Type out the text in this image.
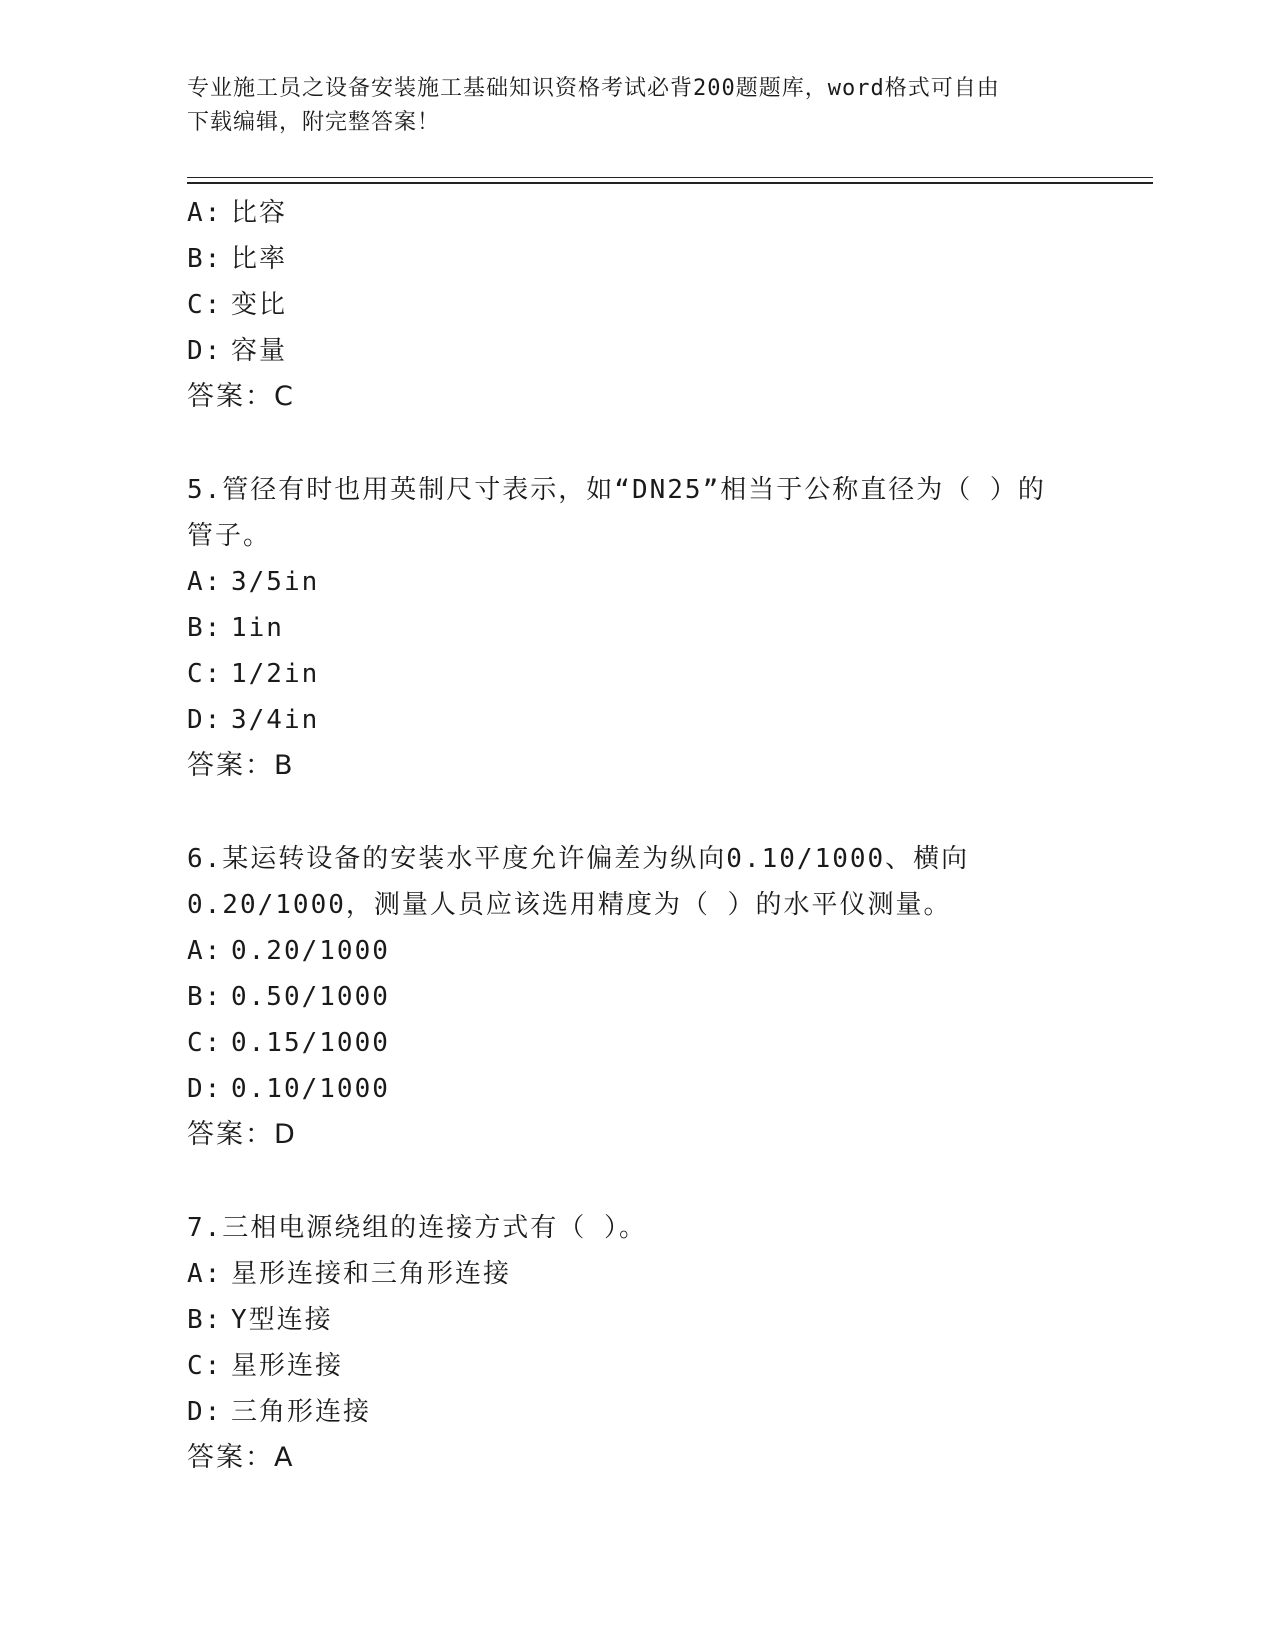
专业施工员之设备安装施工基础知识资格考试必背200题题库，word格式可自由
下载编辑，附完整答案！
A: 比容
B: 比率
C: 变比
D: 容量
答案：C
5.管径有时也用英制尺寸表示，如“DN25”相当于公称直径为（ ）的
管子。
A: 3/5in
B: 1in
C: 1/2in
D: 3/4in
答案：B
6.某运转设备的安装水平度允许偏差为纵向0.10/1000、横向
0.20/1000，测量人员应该选用精度为（ ）的水平仪测量。
A: 0.20/1000
B: 0.50/1000
C: 0.15/1000
D: 0.10/1000
答案：D
7.三相电源绕组的连接方式有（ ）。
A: 星形连接和三角形连接
B: Y型连接
C: 星形连接
D: 三角形连接
答案：A
